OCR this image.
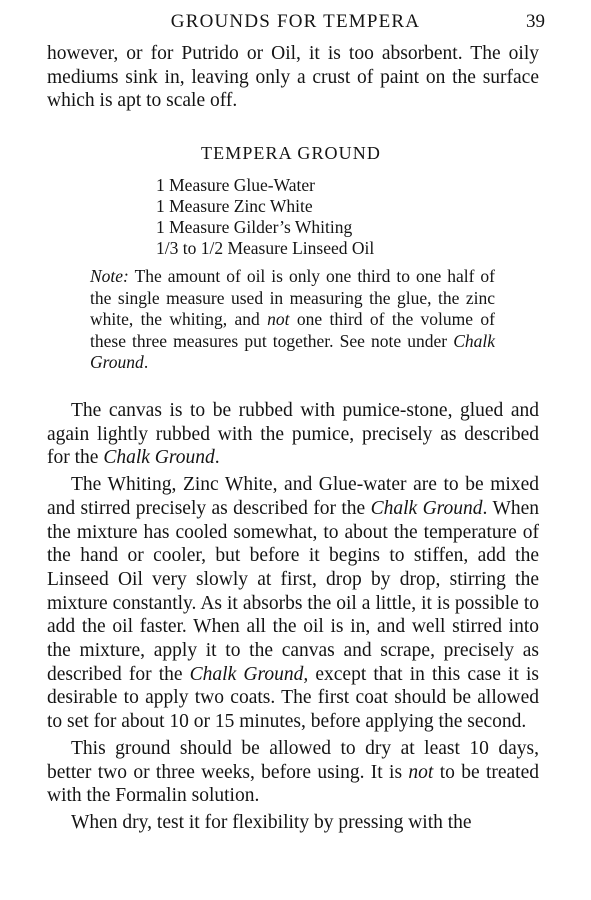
GROUNDS FOR TEMPERA	39

however, or for Putrido or Oil, it is too absorbent. The oily mediums sink in, leaving only a crust of paint on the surface which is apt to scale off.

TEMPERA GROUND
1 Measure Glue-Water
1 Measure Zinc White
1 Measure Gilder’s Whiting
1/3 to 1/2 Measure Linseed Oil

Note: The amount of oil is only one third to one half of the single measure used in measuring the glue, the zinc white, the whiting, and not one third of the volume of these three measures put together. See note under Chalk Ground.

The canvas is to be rubbed with pumice-stone, glued and again lightly rubbed with the pumice, precisely as described for the Chalk Ground.

The Whiting, Zinc White, and Glue-water are to be mixed and stirred precisely as described for the Chalk Ground. When the mixture has cooled somewhat, to about the temperature of the hand or cooler, but before it begins to stiffen, add the Linseed Oil very slowly at first, drop by drop, stirring the mixture constantly. As it absorbs the oil a little, it is possible to add the oil faster. When all the oil is in, and well stirred into the mixture, apply it to the canvas and scrape, precisely as described for the Chalk Ground, except that in this case it is desirable to apply two coats. The first coat should be allowed to set for about 10 or 15 minutes, before applying the second.

This ground should be allowed to dry at least 10 days, better two or three weeks, before using. It is not to be treated with the Formalin solution.

When dry, test it for flexibility by pressing with the
